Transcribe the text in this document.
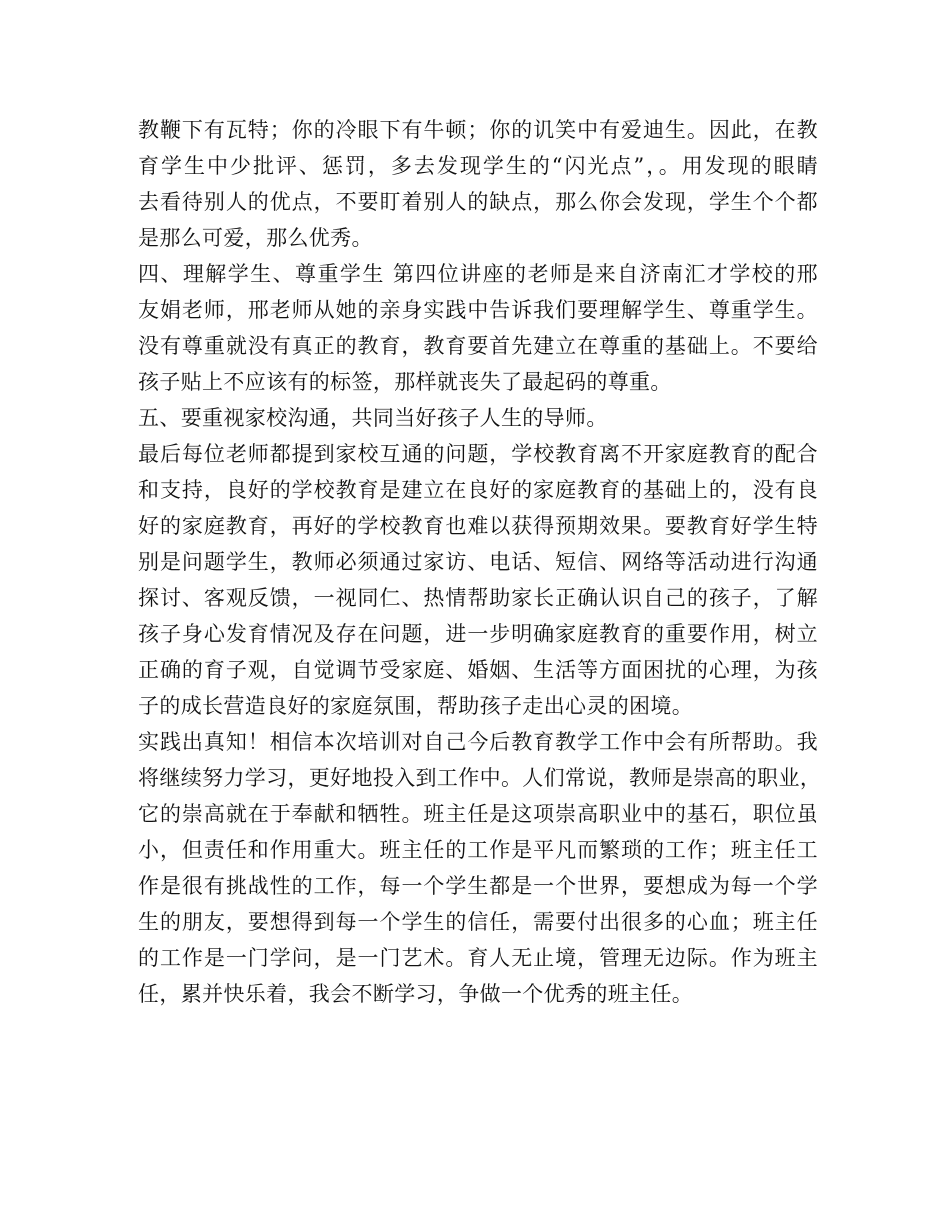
教鞭下有瓦特；你的冷眼下有牛顿；你的讥笑中有爱迪生。因此，在教
育学生中少批评、惩罚，多去发现学生的“闪光点”，。用发现的眼睛
去看待别人的优点，不要盯着别人的缺点，那么你会发现，学生个个都
是那么可爱，那么优秀。
四、理解学生、尊重学生 第四位讲座的老师是来自济南汇才学校的邢
友娟老师，邢老师从她的亲身实践中告诉我们要理解学生、尊重学生。
没有尊重就没有真正的教育，教育要首先建立在尊重的基础上。不要给
孩子贴上不应该有的标签，那样就丧失了最起码的尊重。
五、要重视家校沟通，共同当好孩子人生的导师。
最后每位老师都提到家校互通的问题，学校教育离不开家庭教育的配合
和支持，良好的学校教育是建立在良好的家庭教育的基础上的，没有良
好的家庭教育，再好的学校教育也难以获得预期效果。要教育好学生特
别是问题学生，教师必须通过家访、电话、短信、网络等活动进行沟通
探讨、客观反馈，一视同仁、热情帮助家长正确认识自己的孩子，了解
孩子身心发育情况及存在问题，进一步明确家庭教育的重要作用，树立
正确的育子观，自觉调节受家庭、婚姻、生活等方面困扰的心理，为孩
子的成长营造良好的家庭氛围，帮助孩子走出心灵的困境。
实践出真知！相信本次培训对自己今后教育教学工作中会有所帮助。我
将继续努力学习，更好地投入到工作中。人们常说，教师是崇高的职业，
它的崇高就在于奉献和牺牲。班主任是这项崇高职业中的基石，职位虽
小，但责任和作用重大。班主任的工作是平凡而繁琐的工作；班主任工
作是很有挑战性的工作，每一个学生都是一个世界，要想成为每一个学
生的朋友，要想得到每一个学生的信任，需要付出很多的心血；班主任
的工作是一门学问，是一门艺术。育人无止境，管理无边际。作为班主
任，累并快乐着，我会不断学习，争做一个优秀的班主任。
